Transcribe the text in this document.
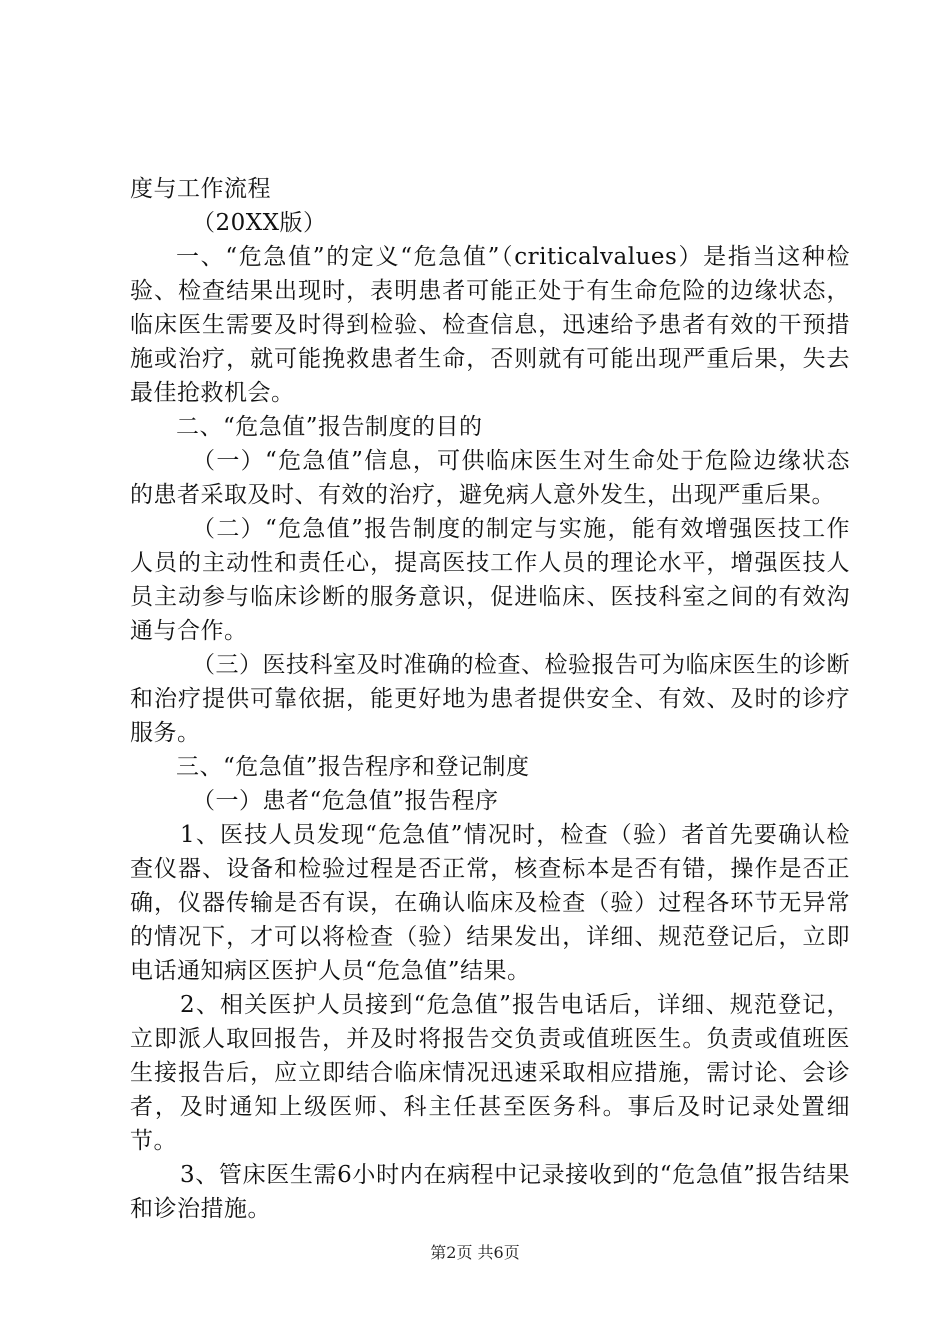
度与工作流程

（20XX版）

一、“危急值”的定义“危急值”（criticalvalues）是指当这种检验、检查结果出现时，表明患者可能正处于有生命危险的边缘状态，临床医生需要及时得到检验、检查信息，迅速给予患者有效的干预措施或治疗，就可能挽救患者生命，否则就有可能出现严重后果，失去最佳抢救机会。

二、“危急值”报告制度的目的

（一）“危急值”信息，可供临床医生对生命处于危险边缘状态的患者采取及时、有效的治疗，避免病人意外发生，出现严重后果。

（二）“危急值”报告制度的制定与实施，能有效增强医技工作人员的主动性和责任心，提高医技工作人员的理论水平，增强医技人员主动参与临床诊断的服务意识，促进临床、医技科室之间的有效沟通与合作。

（三）医技科室及时准确的检查、检验报告可为临床医生的诊断和治疗提供可靠依据，能更好地为患者提供安全、有效、及时的诊疗服务。

三、“危急值”报告程序和登记制度

（一）患者“危急值”报告程序

1、医技人员发现“危急值”情况时，检查（验）者首先要确认检查仪器、设备和检验过程是否正常，核查标本是否有错，操作是否正确，仪器传输是否有误，在确认临床及检查（验）过程各环节无异常的情况下，才可以将检查（验）结果发出，详细、规范登记后，立即电话通知病区医护人员“危急值”结果。

2、相关医护人员接到“危急值”报告电话后，详细、规范登记，立即派人取回报告，并及时将报告交负责或值班医生。负责或值班医生接报告后，应立即结合临床情况迅速采取相应措施，需讨论、会诊者，及时通知上级医师、科主任甚至医务科。事后及时记录处置细节。

3、管床医生需6小时内在病程中记录接收到的“危急值”报告结果和诊治措施。

第2页 共6页
